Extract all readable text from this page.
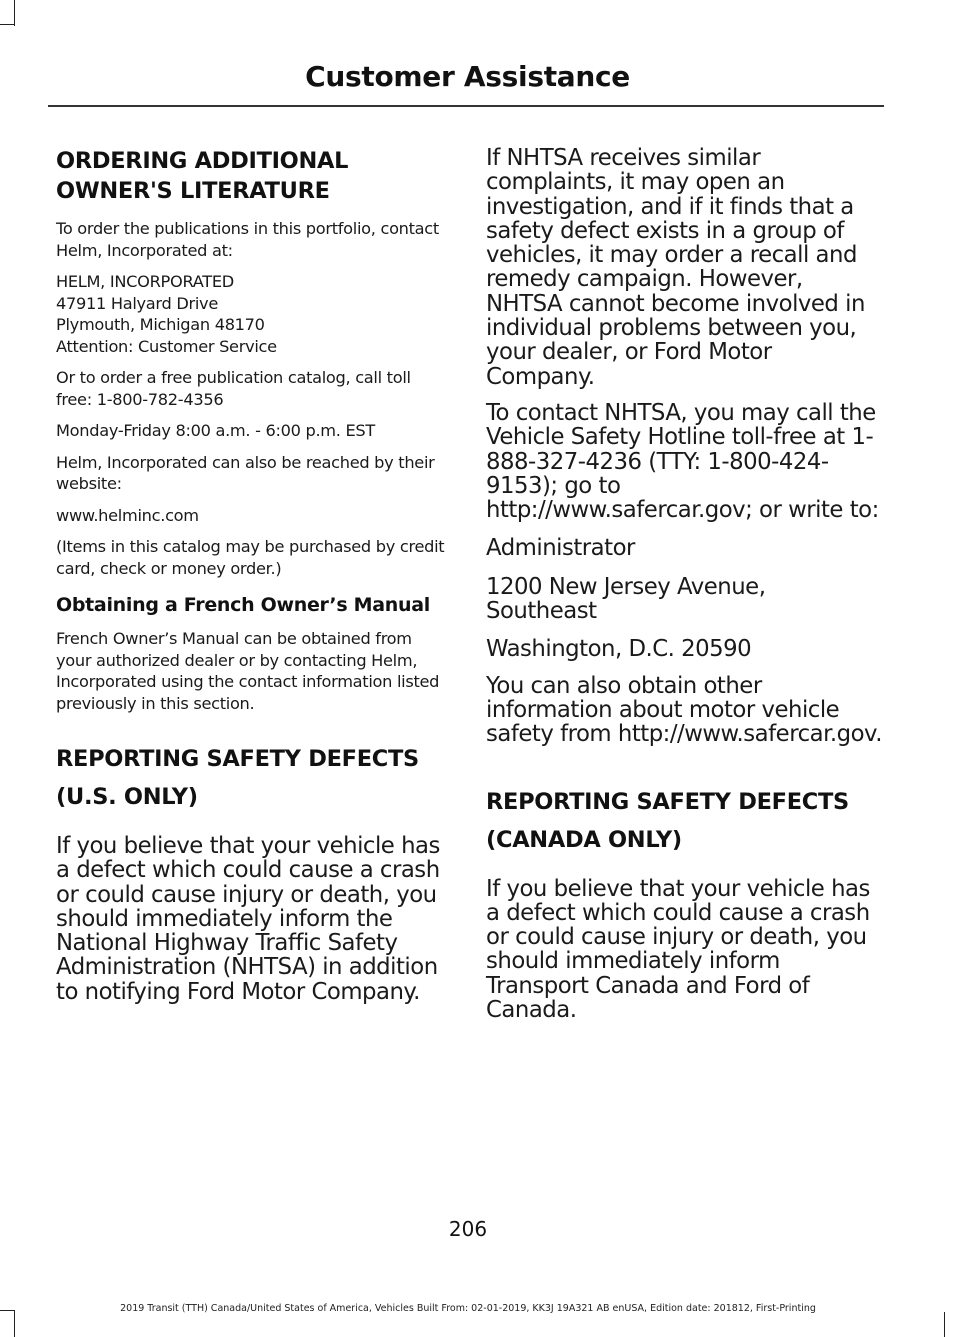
Customer Assistance
ORDERING ADDITIONAL
OWNER'S LITERATURE

To order the publications in this portfolio, contact Helm, Incorporated at:

HELM, INCORPORATED
47911 Halyard Drive
Plymouth, Michigan 48170
Attention: Customer Service

Or to order a free publication catalog, call toll free: 1-800-782-4356

Monday-Friday 8:00 a.m. - 6:00 p.m. EST

Helm, Incorporated can also be reached by their website:

www.helminc.com

(Items in this catalog may be purchased by credit card, check or money order.)

Obtaining a French Owner’s Manual

French Owner’s Manual can be obtained from your authorized dealer or by contacting Helm, Incorporated using the contact information listed previously in this section.

REPORTING SAFETY DEFECTS
(U.S. ONLY)

If you believe that your vehicle has a defect which could cause a crash or could cause injury or death, you should immediately inform the National Highway Traffic Safety Administration (NHTSA) in addition to notifying Ford Motor Company.

If NHTSA receives similar complaints, it may open an investigation, and if it finds that a safety defect exists in a group of vehicles, it may order a recall and remedy campaign. However, NHTSA cannot become involved in individual problems between you, your dealer, or Ford Motor Company.

To contact NHTSA, you may call the Vehicle Safety Hotline toll-free at 1-888-327-4236 (TTY: 1-800-424-9153); go to http://www.safercar.gov; or write to:

Administrator

1200 New Jersey Avenue,
Southeast

Washington, D.C. 20590

You can also obtain other information about motor vehicle safety from http://www.safercar.gov.

REPORTING SAFETY DEFECTS
(CANADA ONLY)

If you believe that your vehicle has a defect which could cause a crash or could cause injury or death, you should immediately inform Transport Canada and Ford of Canada.

206
2019 Transit (TTH) Canada/United States of America, Vehicles Built From: 02-01-2019, KK3J 19A321 AB enUSA, Edition date: 201812, First-Printing
